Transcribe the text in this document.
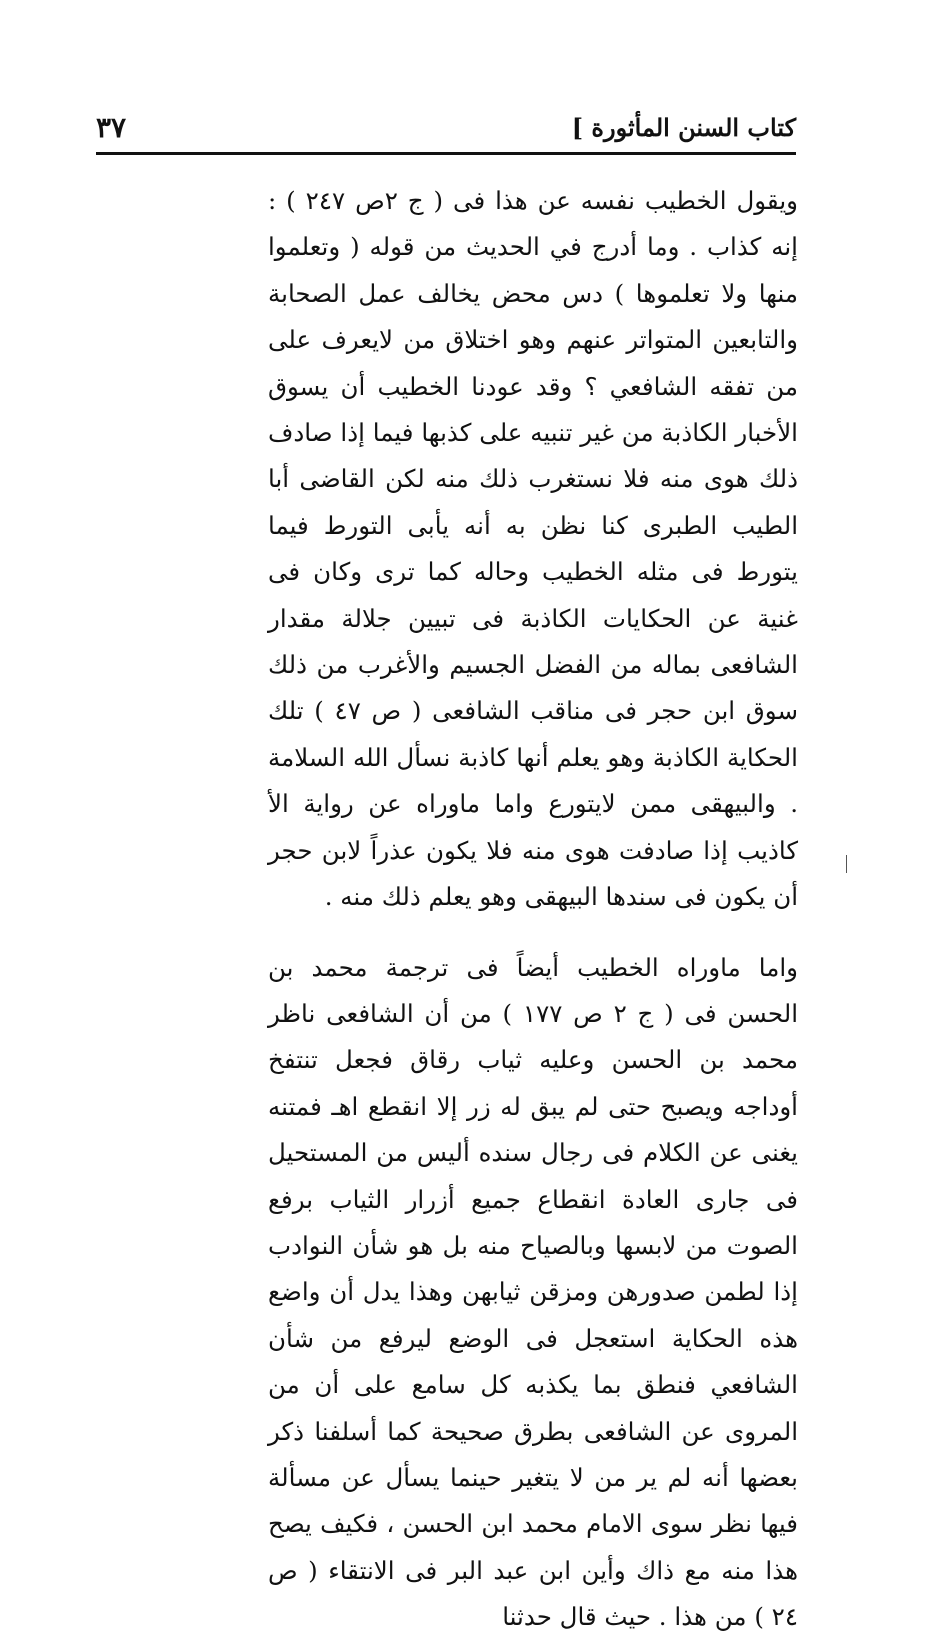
٣٧	كتاب السنن المأثورة ]

ويقول الخطيب نفسه عن هذا فى ( ج ٢ص ٢٤٧ ) : إنه كذاب . وما أدرج في الحديث من قوله ( وتعلموا منها ولا تعلموها ) دس محض يخالف عمل الصحابة والتابعين المتواتر عنهم وهو اختلاق من لايعرف على من تفقه الشافعي ؟ وقد عودنا الخطيب أن يسوق الأخبار الكاذبة من غير تنبيه على كذبها فيما إذا صادف ذلك هوى منه فلا نستغرب ذلك منه لكن القاضى أبا الطيب الطبرى كنا نظن به أنه يأبى التورط فيما يتورط فى مثله الخطيب وحاله كما ترى وكان فى غنية عن الحكايات الكاذبة فى تبيين جلالة مقدار الشافعى بماله من الفضل الجسيم والأغرب من ذلك سوق ابن حجر فى مناقب الشافعى ( ص ٤٧ ) تلك الحكاية الكاذبة وهو يعلم أنها كاذبة نسأل الله السلامة . والبيهقى ممن لايتورع واما ماوراه عن رواية الأ كاذيب إذا صادفت هوى منه فلا يكون عذراً لابن حجر أن يكون فى سندها البيهقى وهو يعلم ذلك منه .

واما ماوراه الخطيب أيضاً فى ترجمة محمد بن الحسن فى ( ج ٢ ص ١٧٧ ) من أن الشافعى ناظر محمد بن الحسن وعليه ثياب رقاق فجعل تنتفخ أوداجه ويصبح حتى لم يبق له زر إلا انقطع اهـ فمتنه يغنى عن الكلام فى رجال سنده أليس من المستحيل فى جارى العادة انقطاع جميع أزرار الثياب برفع الصوت من لابسها وبالصياح منه بل هو شأن النوادب إذا لطمن صدورهن ومزقن ثيابهن وهذا يدل أن واضع هذه الحكاية استعجل فى الوضع ليرفع من شأن الشافعي فنطق بما يكذبه كل سامع على أن من المروى عن الشافعى بطرق صحيحة كما أسلفنا ذكر بعضها أنه لم ير من لا يتغير حينما يسأل عن مسألة فيها نظر سوى الامام محمد ابن الحسن ، فكيف يصح هذا منه مع ذاك وأين ابن عبد البر فى الانتقاء ( ص ٢٤ ) من هذا . حيث قال حدثنا
